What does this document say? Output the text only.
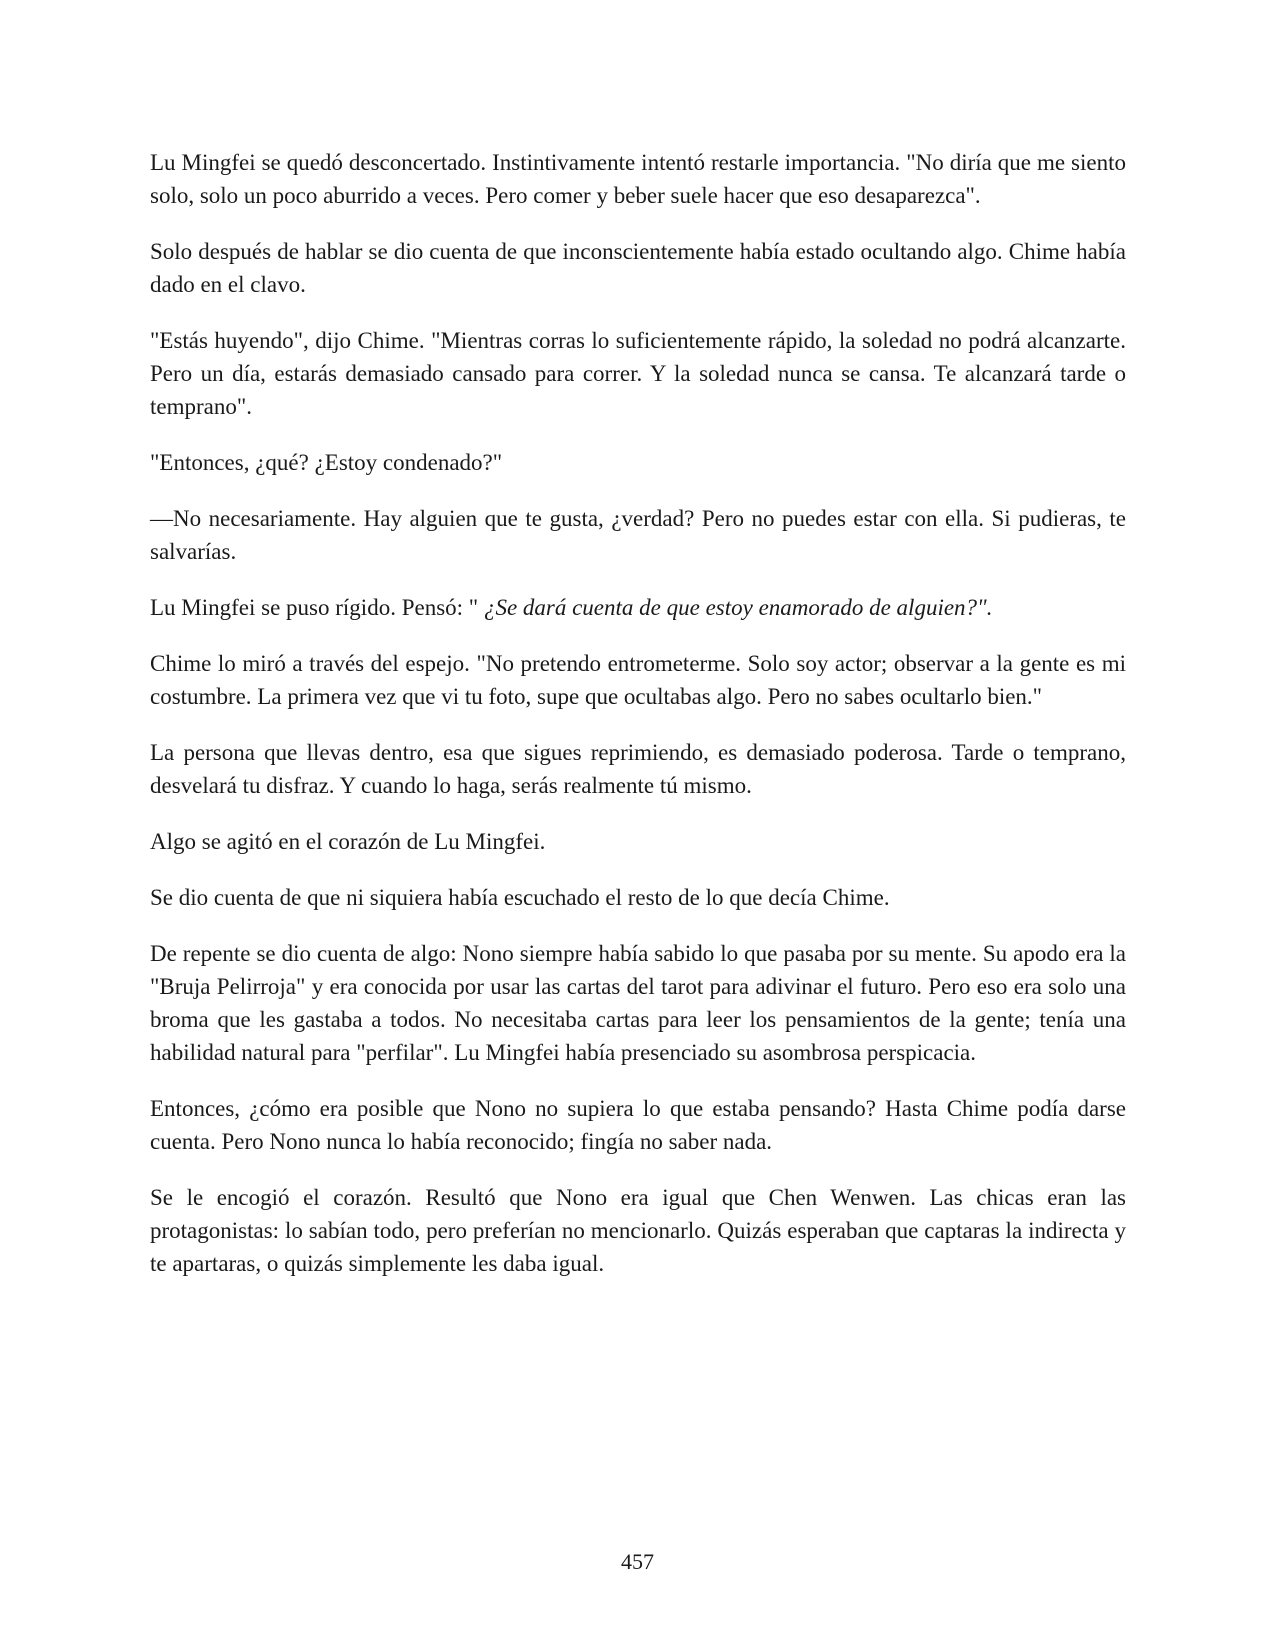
Lu Mingfei se quedó desconcertado. Instintivamente intentó restarle importancia. "No diría que me siento solo, solo un poco aburrido a veces. Pero comer y beber suele hacer que eso desaparezca".

Solo después de hablar se dio cuenta de que inconscientemente había estado ocultando algo. Chime había dado en el clavo.

"Estás huyendo", dijo Chime. "Mientras corras lo suficientemente rápido, la soledad no podrá alcanzarte. Pero un día, estarás demasiado cansado para correr. Y la soledad nunca se cansa. Te alcanzará tarde o temprano".

"Entonces, ¿qué? ¿Estoy condenado?"

—No necesariamente. Hay alguien que te gusta, ¿verdad? Pero no puedes estar con ella. Si pudieras, te salvarías.

Lu Mingfei se puso rígido. Pensó: " ¿Se dará cuenta de que estoy enamorado de alguien?".

Chime lo miró a través del espejo. "No pretendo entrometerme. Solo soy actor; observar a la gente es mi costumbre. La primera vez que vi tu foto, supe que ocultabas algo. Pero no sabes ocultarlo bien."

La persona que llevas dentro, esa que sigues reprimiendo, es demasiado poderosa. Tarde o temprano, desvelará tu disfraz. Y cuando lo haga, serás realmente tú mismo.

Algo se agitó en el corazón de Lu Mingfei.

Se dio cuenta de que ni siquiera había escuchado el resto de lo que decía Chime.

De repente se dio cuenta de algo: Nono siempre había sabido lo que pasaba por su mente. Su apodo era la "Bruja Pelirroja" y era conocida por usar las cartas del tarot para adivinar el futuro. Pero eso era solo una broma que les gastaba a todos. No necesitaba cartas para leer los pensamientos de la gente; tenía una habilidad natural para "perfilar". Lu Mingfei había presenciado su asombrosa perspicacia.

Entonces, ¿cómo era posible que Nono no supiera lo que estaba pensando? Hasta Chime podía darse cuenta. Pero Nono nunca lo había reconocido; fingía no saber nada.

Se le encogió el corazón. Resultó que Nono era igual que Chen Wenwen. Las chicas eran las protagonistas: lo sabían todo, pero preferían no mencionarlo. Quizás esperaban que captaras la indirecta y te apartaras, o quizás simplemente les daba igual.

457
